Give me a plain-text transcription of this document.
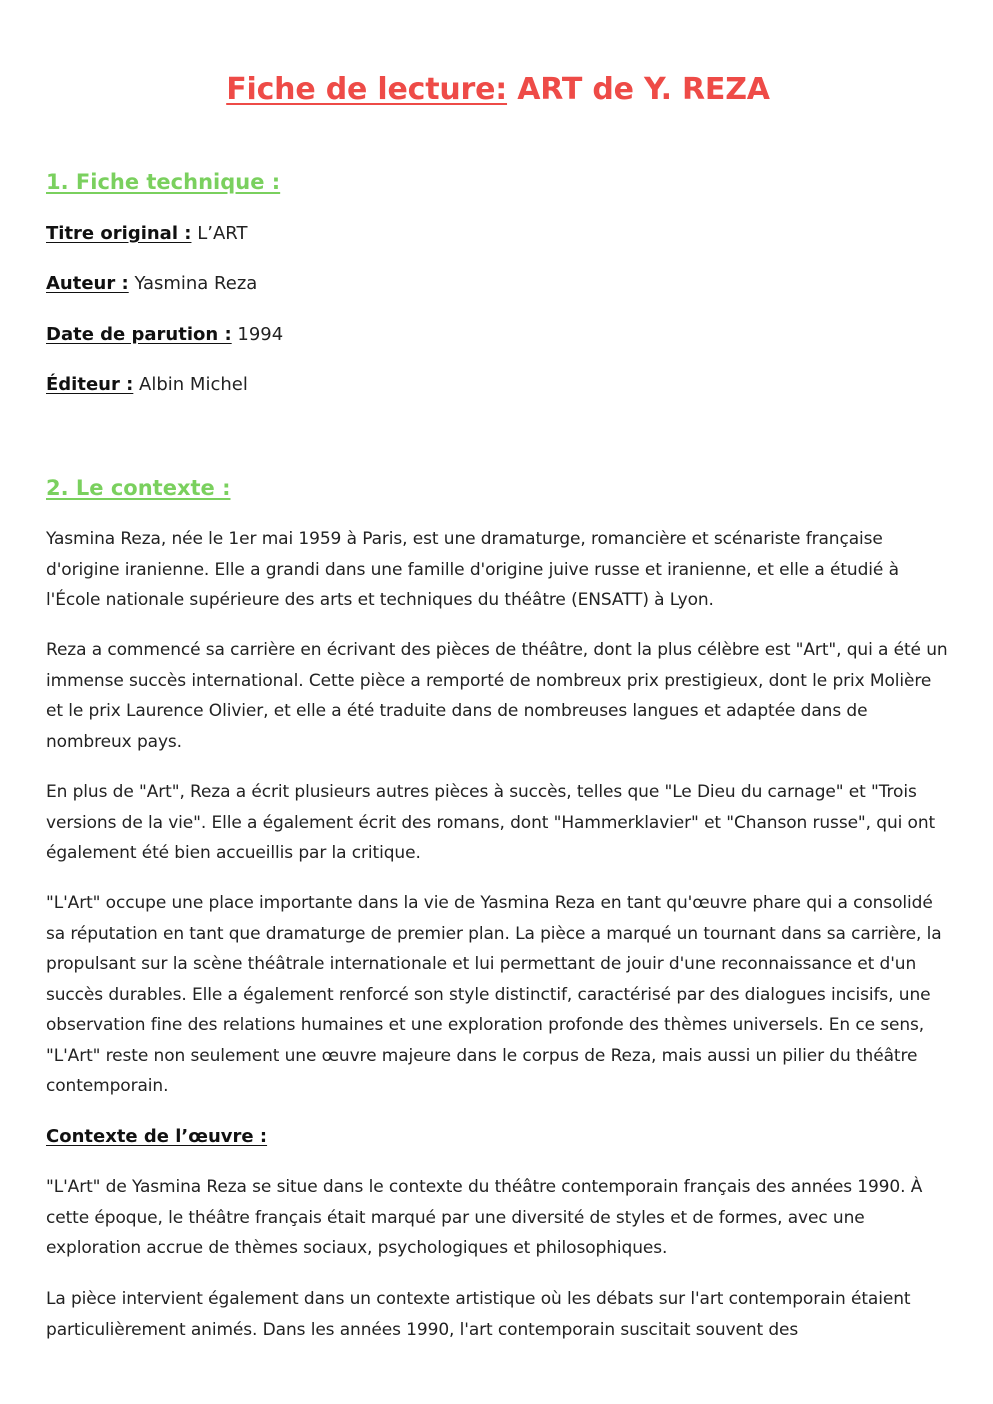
Fiche de lecture: ART de Y. REZA
1. Fiche technique :

Titre original : L’ART

Auteur : Yasmina Reza

Date de parution : 1994

Éditeur : Albin Michel

2. Le contexte :

Yasmina Reza, née le 1er mai 1959 à Paris, est une dramaturge, romancière et scénariste française d'origine iranienne. Elle a grandi dans une famille d'origine juive russe et iranienne, et elle a étudié à l'École nationale supérieure des arts et techniques du théâtre (ENSATT) à Lyon.

Reza a commencé sa carrière en écrivant des pièces de théâtre, dont la plus célèbre est "Art", qui a été un immense succès international. Cette pièce a remporté de nombreux prix prestigieux, dont le prix Molière et le prix Laurence Olivier, et elle a été traduite dans de nombreuses langues et adaptée dans de nombreux pays.

En plus de "Art", Reza a écrit plusieurs autres pièces à succès, telles que "Le Dieu du carnage" et "Trois versions de la vie". Elle a également écrit des romans, dont "Hammerklavier" et "Chanson russe", qui ont également été bien accueillis par la critique.

"L'Art" occupe une place importante dans la vie de Yasmina Reza en tant qu'œuvre phare qui a consolidé sa réputation en tant que dramaturge de premier plan. La pièce a marqué un tournant dans sa carrière, la propulsant sur la scène théâtrale internationale et lui permettant de jouir d'une reconnaissance et d'un succès durables. Elle a également renforcé son style distinctif, caractérisé par des dialogues incisifs, une observation fine des relations humaines et une exploration profonde des thèmes universels. En ce sens, "L'Art" reste non seulement une œuvre majeure dans le corpus de Reza, mais aussi un pilier du théâtre contemporain.

Contexte de l’œuvre :

"L'Art" de Yasmina Reza se situe dans le contexte du théâtre contemporain français des années 1990. À cette époque, le théâtre français était marqué par une diversité de styles et de formes, avec une exploration accrue de thèmes sociaux, psychologiques et philosophiques.

La pièce intervient également dans un contexte artistique où les débats sur l'art contemporain étaient particulièrement animés. Dans les années 1990, l'art contemporain suscitait souvent des
